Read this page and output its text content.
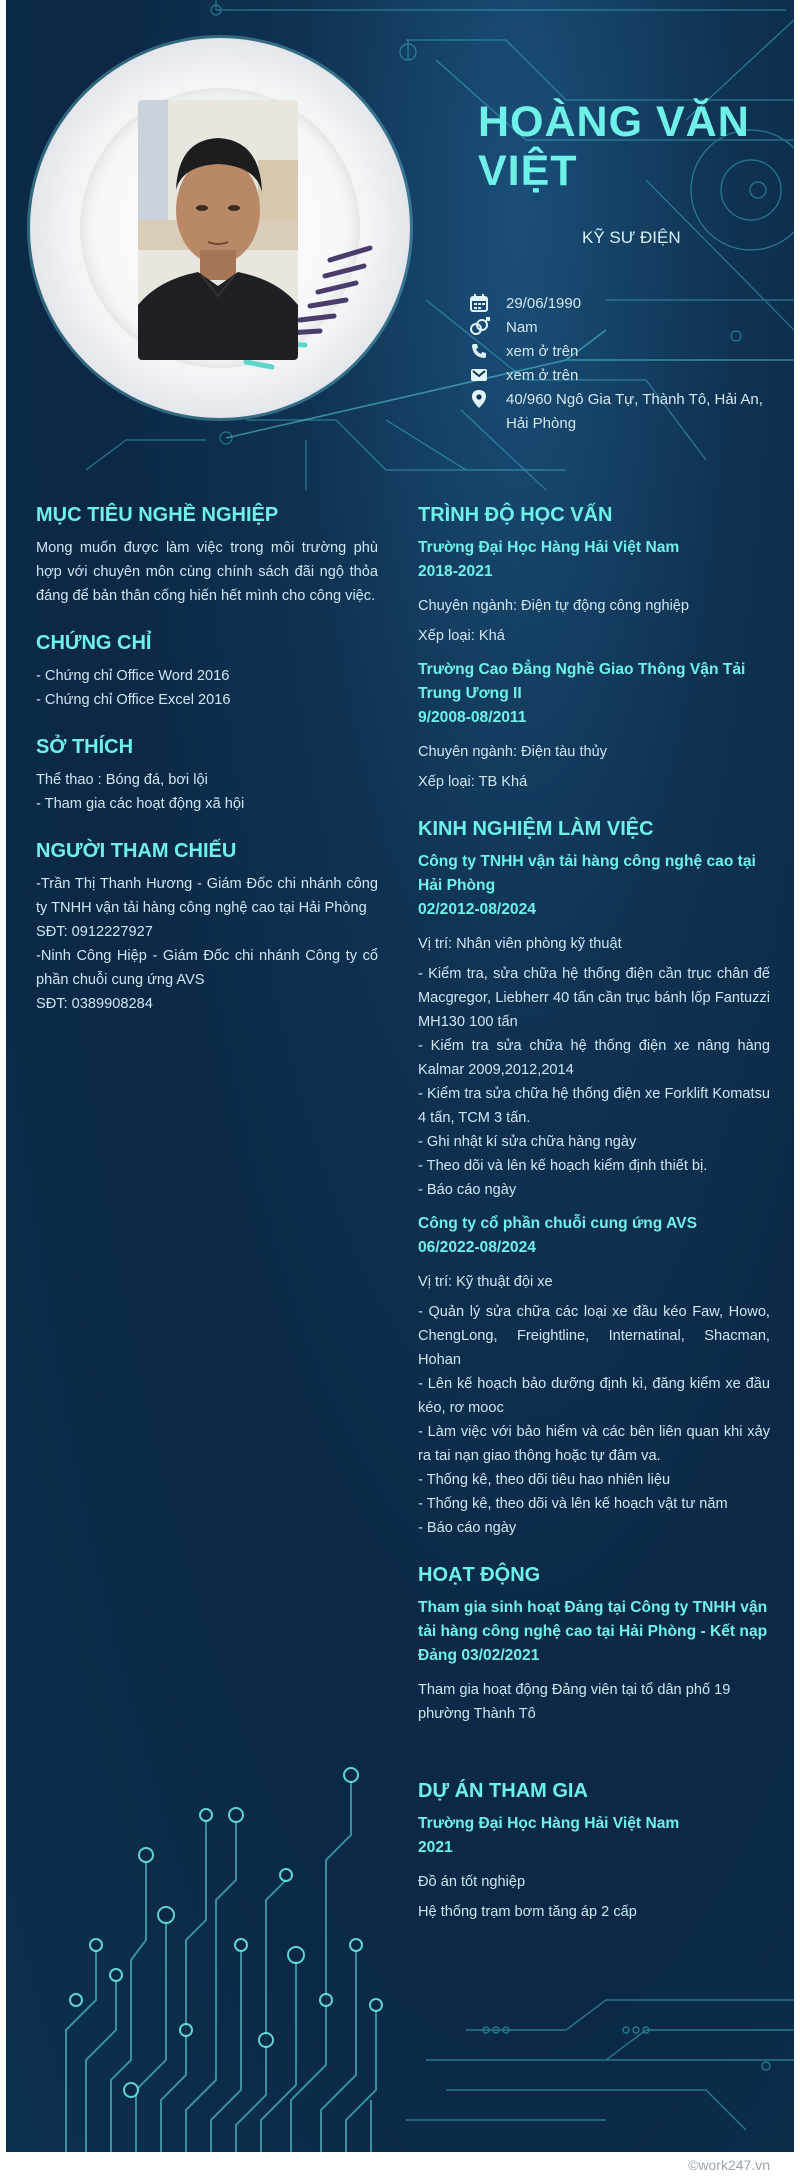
HOÀNG VĂN VIỆT
KỸ SƯ ĐIỆN
29/06/1990
Nam
xem ở trên
xem ở trên
40/960 Ngô Gia Tự, Thành Tô, Hải An, Hải Phòng
MỤC TIÊU NGHỀ NGHIỆP

Mong muốn được làm việc trong môi trường phù hợp với chuyên môn cùng chính sách đãi ngộ thỏa đáng để bản thân cống hiến hết mình cho công việc.

CHỨNG CHỈ

- Chứng chỉ Office Word 2016

- Chứng chỉ Office Excel 2016

SỞ THÍCH

Thể thao : Bóng đá, bơi lội

- Tham gia các hoạt động xã hội

NGƯỜI THAM CHIẾU

-Trần Thị Thanh Hương - Giám Đốc chi nhánh công ty TNHH vận tải hàng công nghệ cao tại Hải Phòng

SĐT: 0912227927

-Ninh Công Hiệp - Giám Đốc chi nhánh Công ty cổ phần chuỗi cung ứng AVS

SĐT: 0389908284

TRÌNH ĐỘ HỌC VẤN

Trường Đại Học Hàng Hải Việt Nam

2018-2021

Chuyên ngành: Điện tự động công nghiệp

Xếp loại: Khá

Trường Cao Đẳng Nghề Giao Thông Vận Tải Trung Ương II

9/2008-08/2011

Chuyên ngành: Điện tàu thủy

Xếp loại: TB Khá

KINH NGHIỆM LÀM VIỆC

Công ty TNHH vận tải hàng công nghệ cao tại Hải Phòng

02/2012-08/2024

Vị trí: Nhân viên phòng kỹ thuật

- Kiểm tra, sửa chữa hệ thống điện cần trục chân đế Macgregor, Liebherr 40 tấn cần trục bánh lốp Fantuzzi MH130 100 tấn

- Kiểm tra sửa chữa hệ thống điện xe nâng hàng Kalmar 2009,2012,2014

- Kiểm tra sửa chữa hệ thống điện xe Forklift Komatsu 4 tấn, TCM 3 tấn.

- Ghi nhật kí sửa chữa hàng ngày

- Theo dõi và lên kế hoạch kiểm định thiết bị.

- Báo cáo ngày

Công ty cổ phần chuỗi cung ứng AVS

06/2022-08/2024

Vị trí: Kỹ thuật đội xe

- Quản lý sửa chữa các loại xe đầu kéo Faw, Howo, ChengLong, Freightline, Internatinal, Shacman, Hohan

- Lên kế hoạch bảo dưỡng định kì, đăng kiểm xe đầu kéo, rơ mooc

- Làm việc với bảo hiểm và các bên liên quan khi xảy ra tai nạn giao thông hoặc tự đâm va.

- Thống kê, theo dõi tiêu hao nhiên liệu

- Thống kê, theo dõi và lên kế hoạch vật tư năm

- Báo cáo ngày

HOẠT ĐỘNG

Tham gia sinh hoạt Đảng tại Công ty TNHH vận tải hàng công nghệ cao tại Hải Phòng - Kết nạp Đảng 03/02/2021

Tham gia hoạt động Đảng viên tại tổ dân phố 19 phường Thành Tô

DỰ ÁN THAM GIA

Trường Đại Học Hàng Hải Việt Nam

2021

Đồ án tốt nghiệp

Hệ thống trạm bơm tăng áp 2 cấp

©work247.vn
